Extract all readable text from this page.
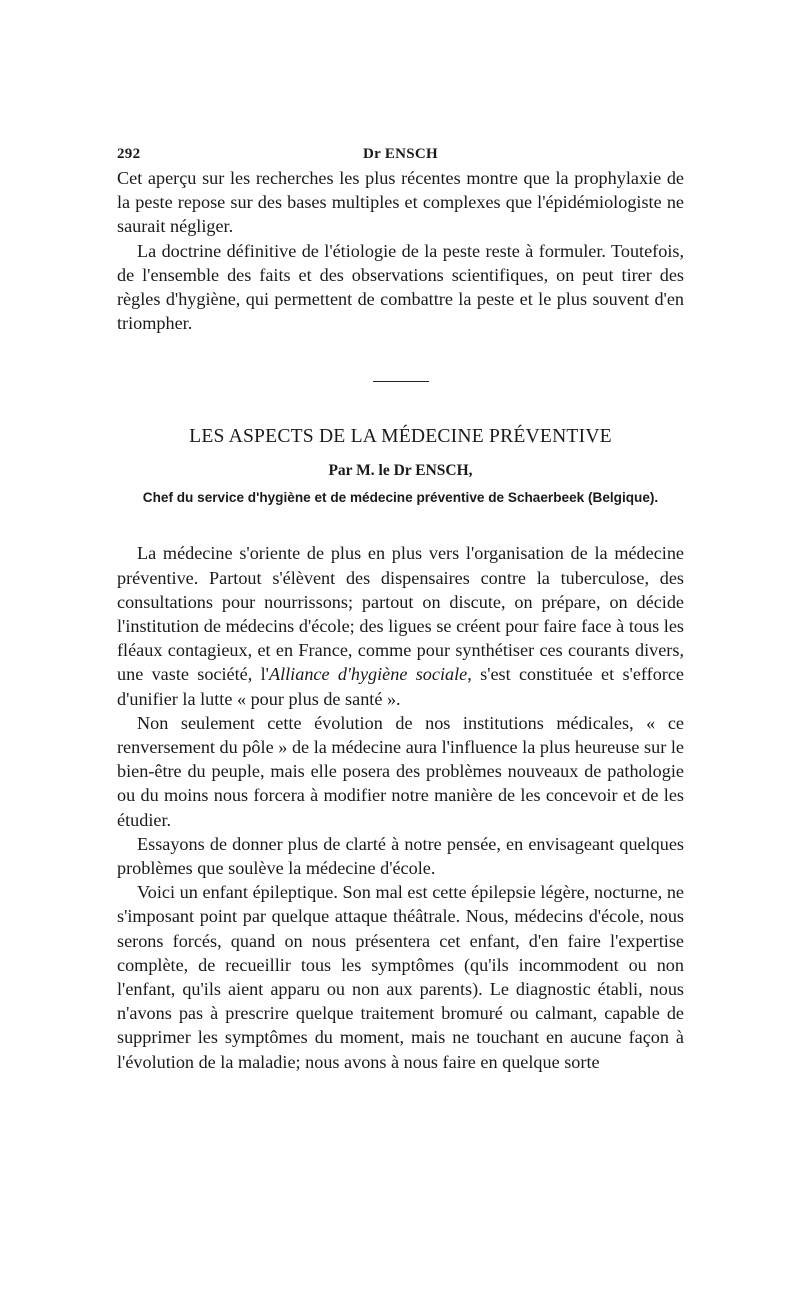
292	Dr ENSCH

Cet aperçu sur les recherches les plus récentes montre que la prophylaxie de la peste repose sur des bases multiples et complexes que l'épidémiologiste ne saurait négliger.

La doctrine définitive de l'étiologie de la peste reste à formuler. Toutefois, de l'ensemble des faits et des observations scientifiques, on peut tirer des règles d'hygiène, qui permettent de combattre la peste et le plus souvent d'en triompher.

LES ASPECTS DE LA MÉDECINE PRÉVENTIVE
Par M. le Dr ENSCH,
Chef du service d'hygiène et de médecine préventive de Schaerbeek (Belgique).

La médecine s'oriente de plus en plus vers l'organisation de la médecine préventive. Partout s'élèvent des dispensaires contre la tuberculose, des consultations pour nourrissons; partout on discute, on prépare, on décide l'institution de médecins d'école; des ligues se créent pour faire face à tous les fléaux contagieux, et en France, comme pour synthétiser ces courants divers, une vaste société, l'Alliance d'hygiène sociale, s'est constituée et s'efforce d'unifier la lutte « pour plus de santé ».

Non seulement cette évolution de nos institutions médicales, « ce renversement du pôle » de la médecine aura l'influence la plus heureuse sur le bien-être du peuple, mais elle posera des problèmes nouveaux de pathologie ou du moins nous forcera à modifier notre manière de les concevoir et de les étudier.

Essayons de donner plus de clarté à notre pensée, en envisageant quelques problèmes que soulève la médecine d'école.

Voici un enfant épileptique. Son mal est cette épilepsie légère, nocturne, ne s'imposant point par quelque attaque théâtrale. Nous, médecins d'école, nous serons forcés, quand on nous présentera cet enfant, d'en faire l'expertise complète, de recueillir tous les symptômes (qu'ils incommodent ou non l'enfant, qu'ils aient apparu ou non aux parents). Le diagnostic établi, nous n'avons pas à prescrire quelque traitement bromuré ou calmant, capable de supprimer les symptômes du moment, mais ne touchant en aucune façon à l'évolution de la maladie; nous avons à nous faire en quelque sorte
